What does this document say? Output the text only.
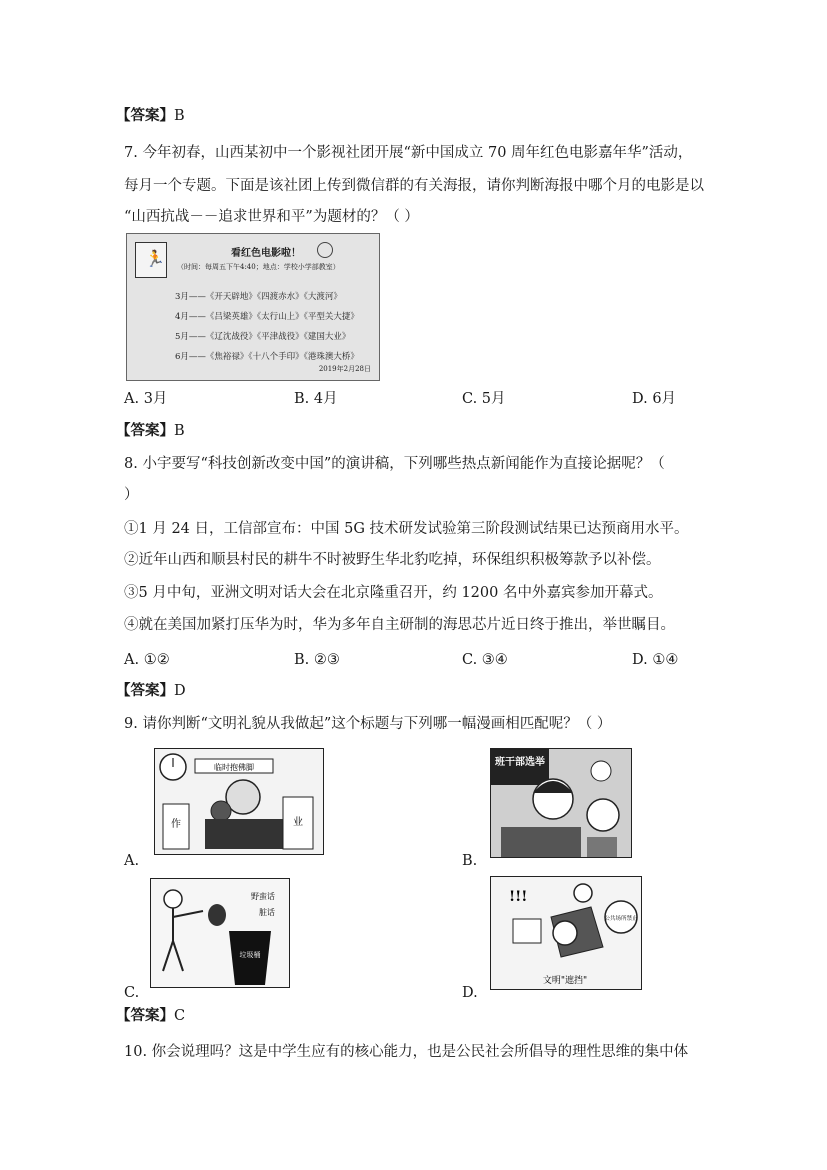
【答案】B
7. 今年初春，山西某初中一个影视社团开展“新中国成立 70 周年红色电影嘉年华”活动，
每月一个专题。下面是该社团上传到微信群的有关海报，请你判断海报中哪个月的电影是以
“山西抗战－－追求世界和平”为题材的？（ ）
🏃	看红色电影啦！
（时间：每周五下午4:40；地点：学校小学部教室）
3月——《开天辟地》《四渡赤水》《大渡河》
4月——《吕梁英雄》《太行山上》《平型关大捷》
5月——《辽沈战役》《平津战役》《建国大业》
6月——《焦裕禄》《十八个手印》《港珠澳大桥》
2019年2月28日
A. 3月	B. 4月	C. 5月	D. 6月
【答案】B
8. 小宇要写“科技创新改变中国”的演讲稿，下列哪些热点新闻能作为直接论据呢？（
）
①1 月 24 日，工信部宣布：中国 5G 技术研发试验第三阶段测试结果已达预商用水平。
②近年山西和顺县村民的耕牛不时被野生华北豹吃掉，环保组织积极筹款予以补偿。
③5 月中旬，亚洲文明对话大会在北京隆重召开，约 1200 名中外嘉宾参加开幕式。
④就在美国加紧打压华为时，华为多年自主研制的海思芯片近日终于推出，举世瞩目。
A. ①②	B. ②③	C. ③④	D. ①④
【答案】D
9. 请你判断“文明礼貌从我做起”这个标题与下列哪一幅漫画相匹配呢？（ ）
临时抱佛脚
作	业
A.
班干部选举
B.
野蛮话
脏话
垃圾桶
C.
!!!
公共场所禁止
文明"遮挡"
D.
【答案】C
10. 你会说理吗？这是中学生应有的核心能力，也是公民社会所倡导的理性思维的集中体
